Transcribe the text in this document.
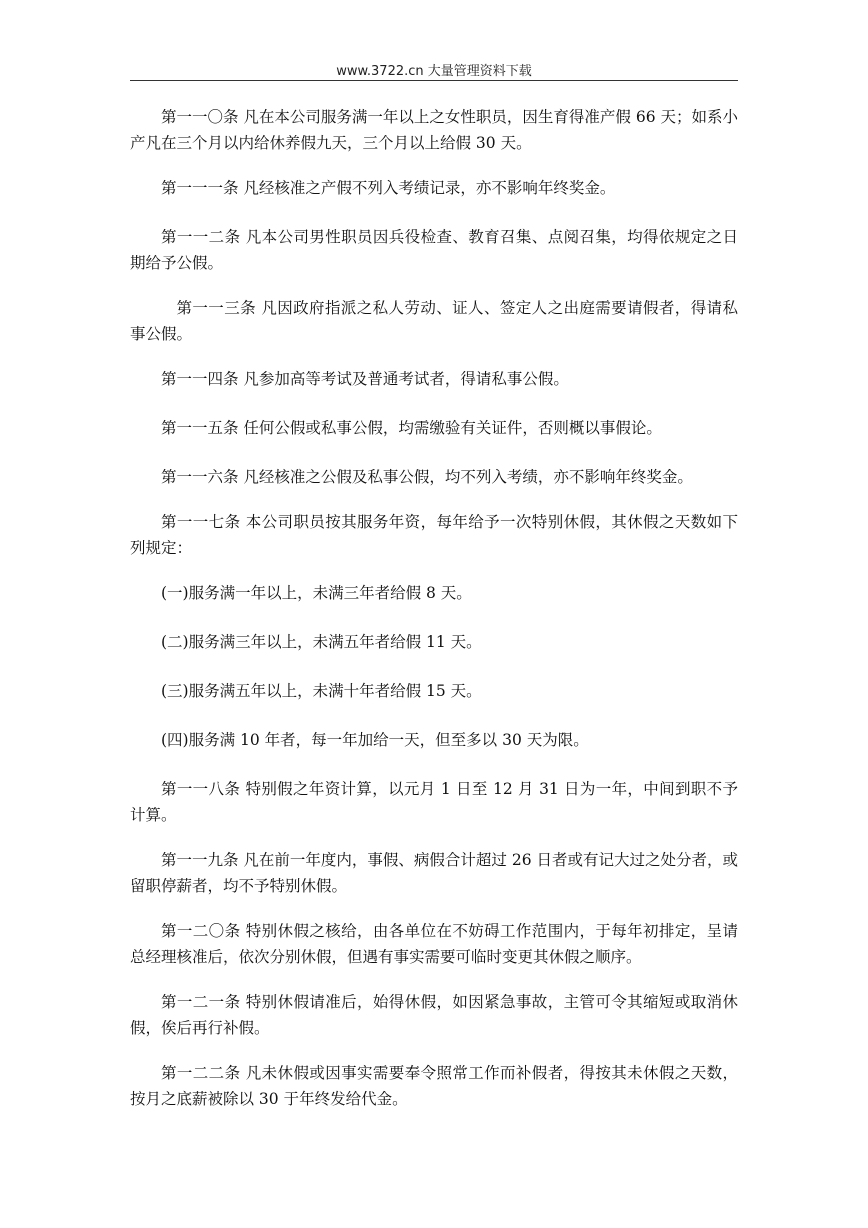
www.3722.cn 大量管理资料下载

第一一〇条 凡在本公司服务满一年以上之女性职员，因生育得准产假 66 天；如系小产凡在三个月以内给休养假九天，三个月以上给假 30 天。

第一一一条 凡经核准之产假不列入考绩记录，亦不影响年终奖金。

第一一二条 凡本公司男性职员因兵役检查、教育召集、点阅召集，均得依规定之日期给予公假。

第一一三条 凡因政府指派之私人劳动、证人、签定人之出庭需要请假者，得请私事公假。

第一一四条 凡参加高等考试及普通考试者，得请私事公假。

第一一五条 任何公假或私事公假，均需缴验有关证件，否则概以事假论。

第一一六条 凡经核准之公假及私事公假，均不列入考绩，亦不影响年终奖金。

第一一七条 本公司职员按其服务年资，每年给予一次特别休假，其休假之天数如下列规定：

(一)服务满一年以上，未满三年者给假 8 天。

(二)服务满三年以上，未满五年者给假 11 天。

(三)服务满五年以上，未满十年者给假 15 天。

(四)服务满 10 年者，每一年加给一天，但至多以 30 天为限。

第一一八条 特别假之年资计算，以元月 1 日至 12 月 31 日为一年，中间到职不予计算。

第一一九条 凡在前一年度内，事假、病假合计超过 26 日者或有记大过之处分者，或留职停薪者，均不予特别休假。

第一二〇条 特别休假之核给，由各单位在不妨碍工作范围内，于每年初排定，呈请总经理核准后，依次分别休假，但遇有事实需要可临时变更其休假之顺序。

第一二一条 特别休假请准后，始得休假，如因紧急事故，主管可令其缩短或取消休假，俟后再行补假。

第一二二条 凡未休假或因事实需要奉令照常工作而补假者，得按其未休假之天数，按月之底薪被除以 30 于年终发给代金。
